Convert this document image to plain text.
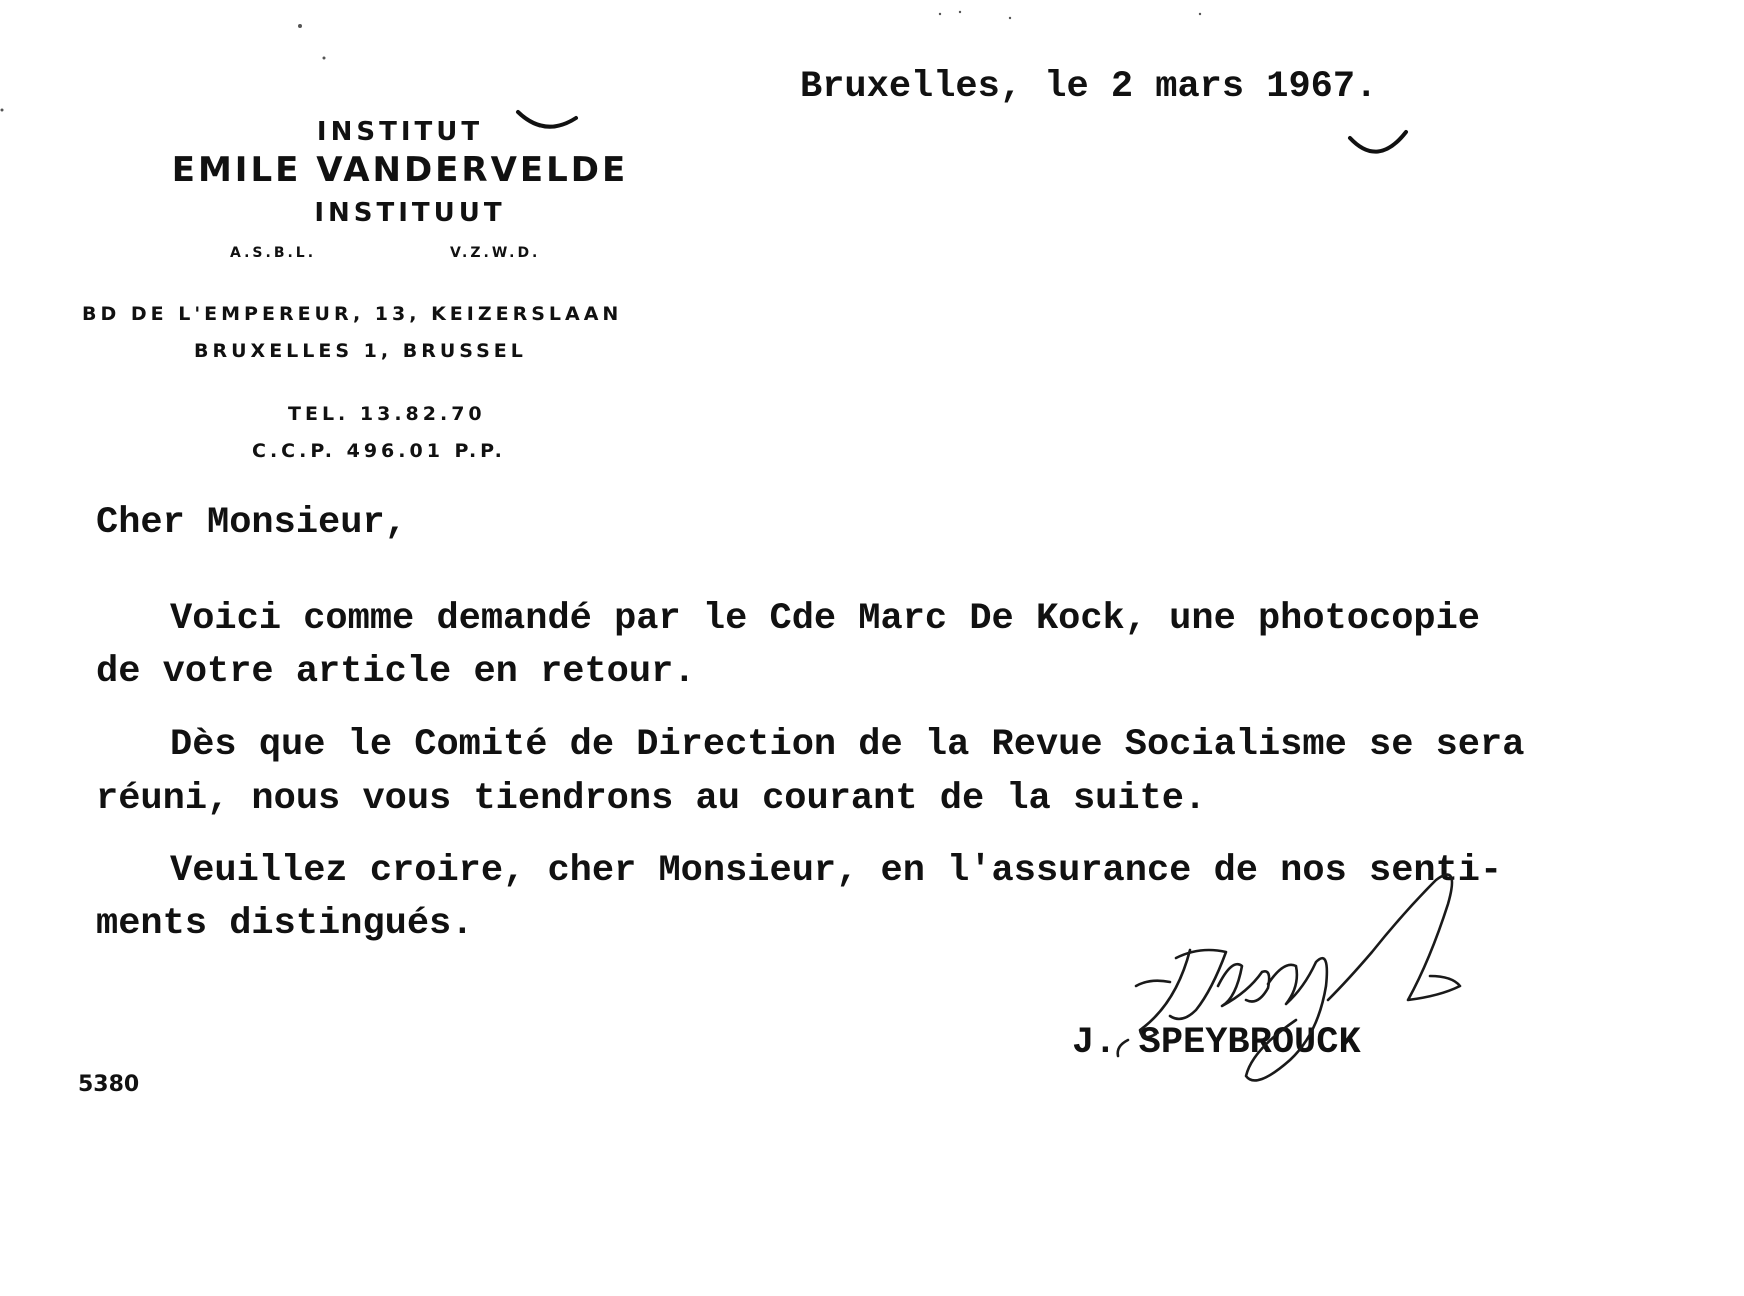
INSTITUT
EMILE VANDERVELDE
INSTITUUT
A.S.B.L.	V.Z.W.D.
BD DE L'EMPEREUR, 13, KEIZERSLAAN
BRUXELLES 1, BRUSSEL
TEL. 13.82.70
C.C.P. 496.01 P.P.
Bruxelles, le 2 mars 1967.
Cher Monsieur,
Voici comme demandé par le Cde Marc De Kock, une photocopie
de votre article en retour.
Dès que le Comité de Direction de la Revue Socialisme se sera
réuni, nous vous tiendrons au courant de la suite.
Veuillez croire, cher Monsieur, en l'assurance de nos senti-
ments distingués.
J. SPEYBROUCK
5380
